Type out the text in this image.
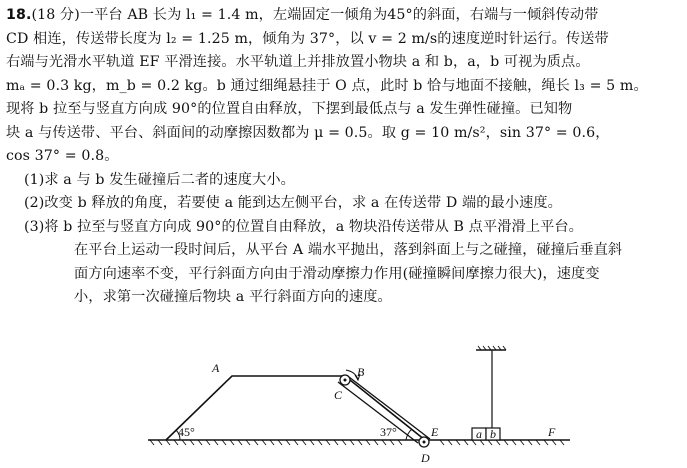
18.(18 分)一平台 AB 长为 l₁ = 1.4 m，左端固定一倾角为45°的斜面，右端与一倾斜传动带
CD 相连，传送带长度为 l₂ = 1.25 m，倾角为 37°，以 v = 2 m/s的速度逆时针运行。传送带
右端与光滑水平轨道 EF 平滑连接。水平轨道上并排放置小物块 a 和 b，a，b 可视为质点。
mₐ = 0.3 kg，m_b = 0.2 kg。b 通过细绳悬挂于 O 点，此时 b 恰与地面不接触，绳长 l₃ = 5 m。
现将 b 拉至与竖直方向成 90°的位置自由释放，下摆到最低点与 a 发生弹性碰撞。已知物
块 a 与传送带、平台、斜面间的动摩擦因数都为 μ = 0.5。取 g = 10 m/s²，sin 37° = 0.6，
cos 37° = 0.8。
(1)求 a 与 b 发生碰撞后二者的速度大小。
(2)改变 b 释放的角度，若要使 a 能到达左侧平台，求 a 在传送带 D 端的最小速度。
(3)将 b 拉至与竖直方向成 90°的位置自由释放，a 物块沿传送带从 B 点平滑滑上平台。
在平台上运动一段时间后，从平台 A 端水平抛出，落到斜面上与之碰撞，碰撞后垂直斜
面方向速率不变，平行斜面方向由于滑动摩擦力作用(碰撞瞬间摩擦力很大)，速度变
小，求第一次碰撞后物块 a 平行斜面方向的速度。
A	B
C
D
E	F
a b
45°	37°
